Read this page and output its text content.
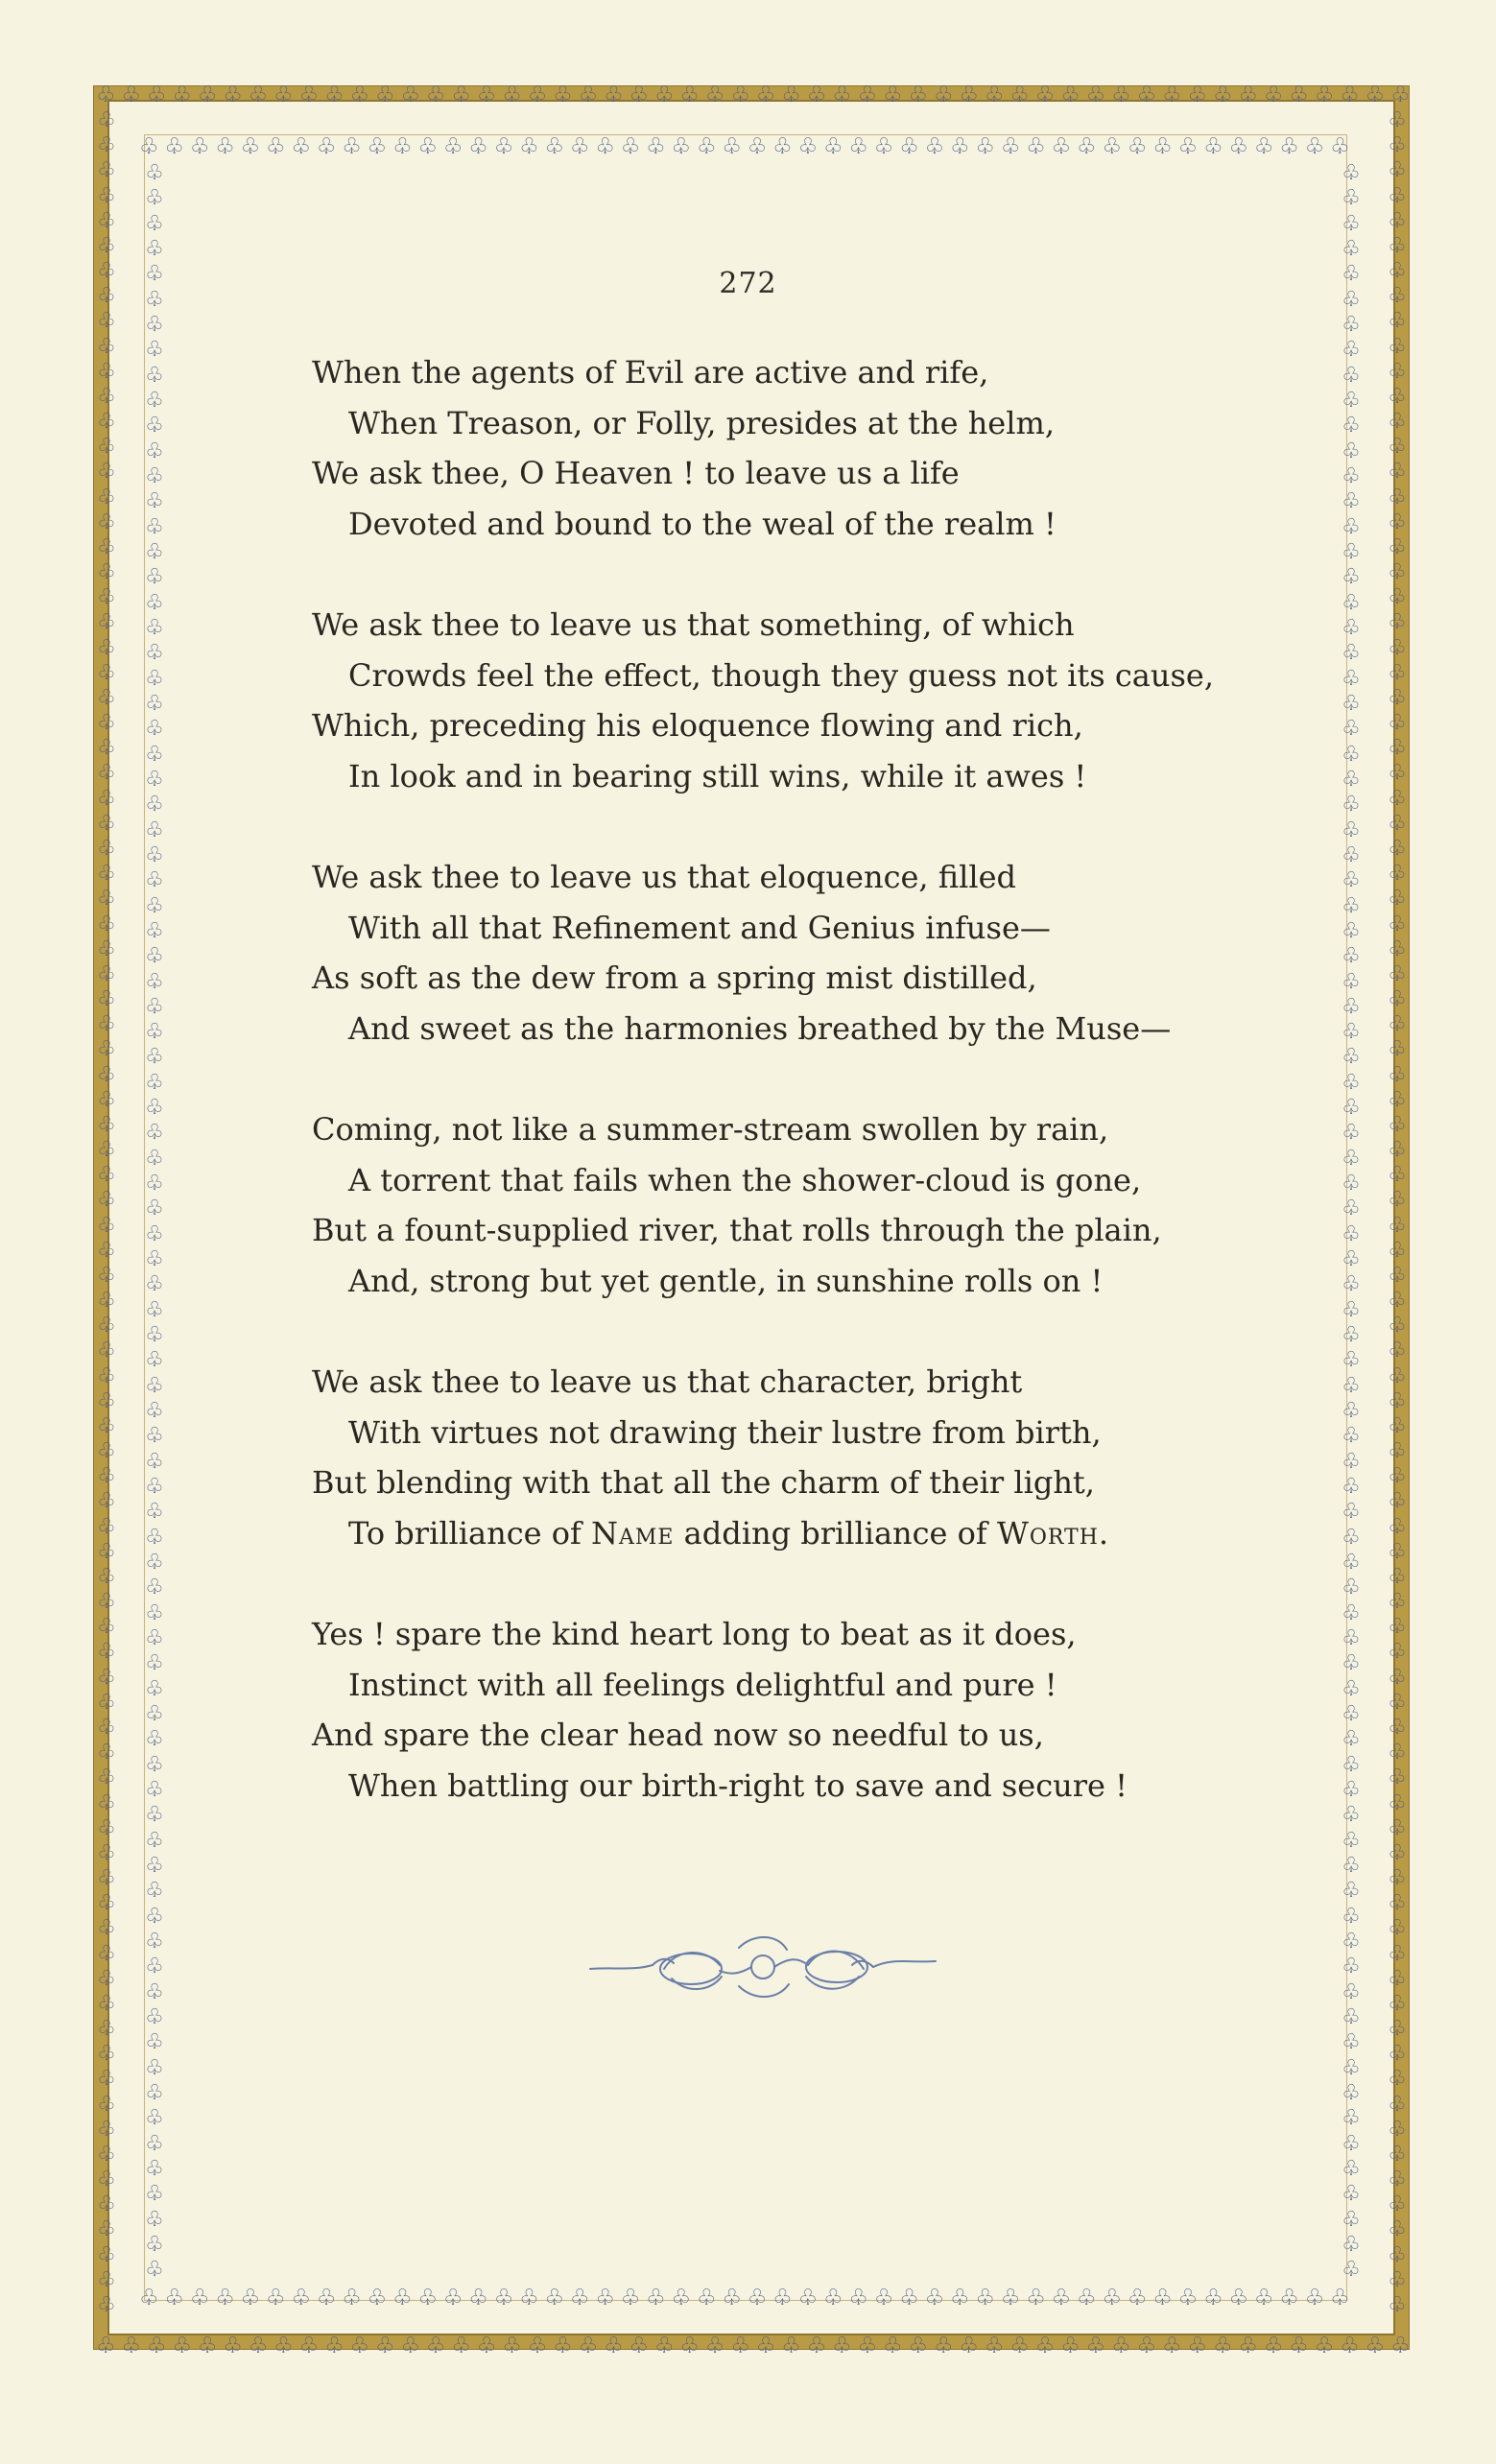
♧ ♧ ♧ ♧ ♧ ♧ ♧ ♧ ♧ ♧ ♧ ♧ ♧ ♧ ♧ ♧ ♧ ♧ ♧ ♧ ♧ ♧ ♧ ♧ ♧ ♧ ♧ ♧ ♧ ♧ ♧ ♧ ♧ ♧ ♧ ♧ ♧ ♧ ♧ ♧ ♧ ♧ ♧ ♧ ♧ ♧ ♧ ♧ ♧ ♧ ♧ ♧
♧ ♧ ♧ ♧ ♧ ♧ ♧ ♧ ♧ ♧ ♧ ♧ ♧ ♧ ♧ ♧ ♧ ♧ ♧ ♧ ♧ ♧ ♧ ♧ ♧ ♧ ♧ ♧ ♧ ♧ ♧ ♧ ♧ ♧ ♧ ♧ ♧ ♧ ♧ ♧ ♧ ♧ ♧ ♧ ♧ ♧ ♧ ♧
♧ ♧ ♧ ♧ ♧ ♧ ♧ ♧ ♧ ♧ ♧ ♧ ♧ ♧ ♧ ♧ ♧ ♧ ♧ ♧ ♧ ♧ ♧ ♧ ♧ ♧ ♧ ♧ ♧ ♧ ♧ ♧ ♧ ♧ ♧ ♧ ♧ ♧ ♧ ♧ ♧ ♧ ♧ ♧ ♧ ♧ ♧ ♧
♧ ♧ ♧ ♧ ♧ ♧ ♧ ♧ ♧ ♧ ♧ ♧ ♧ ♧ ♧ ♧ ♧ ♧ ♧ ♧ ♧ ♧ ♧ ♧ ♧ ♧ ♧ ♧ ♧ ♧ ♧ ♧ ♧ ♧ ♧ ♧ ♧ ♧ ♧ ♧ ♧ ♧ ♧ ♧ ♧ ♧ ♧ ♧ ♧ ♧ ♧ ♧
♧
♧
♧
♧
♧
♧
♧
♧
♧
♧
♧
♧
♧
♧
♧
♧
♧
♧
♧
♧
♧
♧
♧
♧
♧
♧
♧
♧
♧
♧
♧
♧
♧
♧
♧
♧
♧
♧
♧
♧
♧
♧
♧
♧
♧
♧
♧
♧
♧
♧
♧
♧
♧
♧
♧
♧
♧
♧
♧
♧
♧
♧
♧
♧
♧
♧
♧
♧
♧
♧
♧
♧
♧
♧
♧
♧
♧
♧
♧
♧
♧
♧
♧
♧
♧
♧
♧
♧
♧
♧
♧
♧
♧
♧
♧
♧
♧
♧
♧
♧
♧
♧
♧
♧
♧
♧
♧
♧
♧
♧
♧
♧
♧
♧
♧
♧
♧
♧
♧
♧
♧
♧
♧
♧
♧
♧
♧
♧
♧
♧
♧
♧
♧
♧
♧
♧
♧
♧
♧
♧
♧
♧
♧
♧
♧
♧
♧
♧
♧
♧
♧
♧
♧
♧
♧
♧
♧
♧
♧
♧
♧
♧
♧
♧
♧
♧
♧
♧
♧
♧
♧
♧
♧
♧
♧
♧
♧
♧
♧
♧
♧
♧
♧
♧
♧
♧
♧
♧
♧
♧
♧
♧
♧
♧
♧
♧
♧
♧
♧
♧
♧
♧
♧
♧
♧
♧
♧
♧
♧
♧
♧
♧
♧
♧
♧
♧
♧
♧
♧
♧
♧
♧
♧
♧
♧
♧
♧
♧
♧
♧
♧
♧
♧
♧
♧
♧
♧
♧
♧
♧
♧
♧
♧
♧
♧
♧
♧
♧
♧
♧
♧
♧
♧
♧
♧
♧
♧
♧
♧
♧
♧
♧
♧
♧
♧
♧
♧
♧
♧
♧
♧
♧
♧
♧
♧
♧
♧
♧
♧
♧
♧
♧
♧
♧
♧
♧
♧
♧
♧
♧
♧
♧
♧
♧
♧
♧
♧
♧
♧
♧
♧
♧
♧
♧
♧
♧
♧
♧
♧
♧
♧
♧
♧
♧
♧
♧
♧
♧
♧
♧
♧
♧
♧
♧
♧
♧
♧
♧
♧
♧
♧
♧
♧
♧
♧
♧
♧
♧
♧
♧
♧
♧
♧
♧
272
When the agents of Evil are active and rife,
When Treason, or Folly, presides at the helm,
We ask thee, O Heaven ! to leave us a life
Devoted and bound to the weal of the realm !
We ask thee to leave us that something, of which
Crowds feel the effect, though they guess not its cause,
Which, preceding his eloquence flowing and rich,
In look and in bearing still wins, while it awes !
We ask thee to leave us that eloquence, filled
With all that Refinement and Genius infuse—
As soft as the dew from a spring mist distilled,
And sweet as the harmonies breathed by the Muse—
Coming, not like a summer-stream swollen by rain,
A torrent that fails when the shower-cloud is gone,
But a fount-supplied river, that rolls through the plain,
And, strong but yet gentle, in sunshine rolls on !
We ask thee to leave us that character, bright
With virtues not drawing their lustre from birth,
But blending with that all the charm of their light,
To brilliance of Name adding brilliance of Worth.
Yes ! spare the kind heart long to beat as it does,
Instinct with all feelings delightful and pure !
And spare the clear head now so needful to us,
When battling our birth-right to save and secure !
